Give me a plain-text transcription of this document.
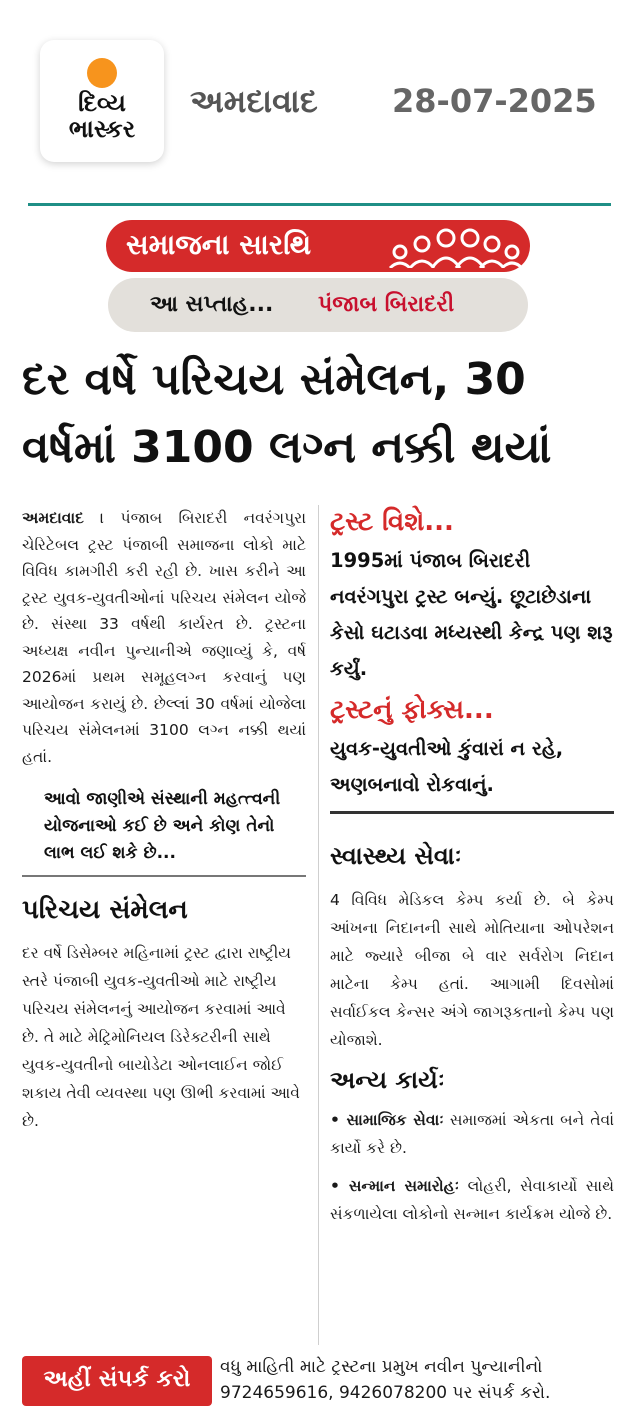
દિવ્ય
ભાસ્કર
અમદાવાદ 28-07-2025
સમાજના સારથિ
આ સપ્તાહ... પંજાબ બિરાદરી
દર વર્ષે પરિચય સંમેલન, 30
વર્ષમાં 3100 લગ્ન નક્કી થયાં

અમદાવાદ । પંજાબ બિરાદરી નવરંગપુરા ચેરિટેબલ ટ્રસ્ટ પંજાબી સમાજના લોકો માટે વિવિધ કામગીરી કરી રહી છે. ખાસ કરીને આ ટ્રસ્ટ યુવક-યુવતીઓનાં પરિચય સંમેલન યોજે છે. સંસ્થા 33 વર્ષથી કાર્યરત છે. ટ્રસ્ટના અધ્યક્ષ નવીન પુન્યાનીએ જણાવ્યું કે, વર્ષ 2026માં પ્રથમ સમૂહલગ્ન કરવાનું પણ આયોજન કરાયું છે. છેલ્લાં 30 વર્ષમાં યોજેલા પરિચય સંમેલનમાં 3100 લગ્ન નક્કી થયાં હતાં.

આવો જાણીએ સંસ્થાની મહત્ત્વની યોજનાઓ કઈ છે અને કોણ તેનો લાભ લઈ શકે છે...

પરિચય સંમેલન

દર વર્ષે ડિસેમ્બર મહિનામાં ટ્રસ્ટ દ્વારા રાષ્ટ્રીય સ્તરે પંજાબી યુવક-યુવતીઓ માટે રાષ્ટ્રીય પરિચય સંમેલનનું આયોજન કરવામાં આવે છે. તે માટે મેટ્રિમોનિયલ ડિરેક્ટરીની સાથે યુવક-યુવતીનો બાયોડેટા ઓનલાઈન જોઈ શકાય તેવી વ્યવસ્થા પણ ઊભી કરવામાં આવે છે.

ટ્રસ્ટ વિશે...

1995માં પંજાબ બિરાદરી નવરંગપુરા ટ્રસ્ટ બન્યું. છૂટાછેડાના કેસો ઘટાડવા મધ્યસ્થી કેન્દ્ર પણ શરૂ કર્યું.

ટ્રસ્ટનું ફોક્સ...

યુવક-યુવતીઓ કુંવારાં ન રહે, અણબનાવો રોકવાનું.

સ્વાસ્થ્ય સેવાઃ

4 વિવિધ મેડિકલ કેમ્પ કર્યા છે. બે કેમ્પ આંખના નિદાનની સાથે મોતિયાના ઓપરેશન માટે જ્યારે બીજા બે વાર સર્વરોગ નિદાન માટેના કેમ્પ હતાં. આગામી દિવસોમાં સર્વાઈકલ કેન્સર અંગે જાગરૂકતાનો કેમ્પ પણ યોજાશે.

અન્ય કાર્યઃ

• સામાજિક સેવાઃ સમાજમાં એકતા બને તેવાં કાર્યો કરે છે.

• સન્માન સમારોહઃ લોહરી, સેવાકાર્યો સાથે સંકળાયેલા લોકોનો સન્માન કાર્યક્રમ યોજે છે.

અહીં સંપર્ક કરો	વધુ માહિતી માટે ટ્રસ્ટના પ્રમુખ નવીન પુન્યાનીનો 9724659616, 9426078200 પર સંપર્ક કરો.
